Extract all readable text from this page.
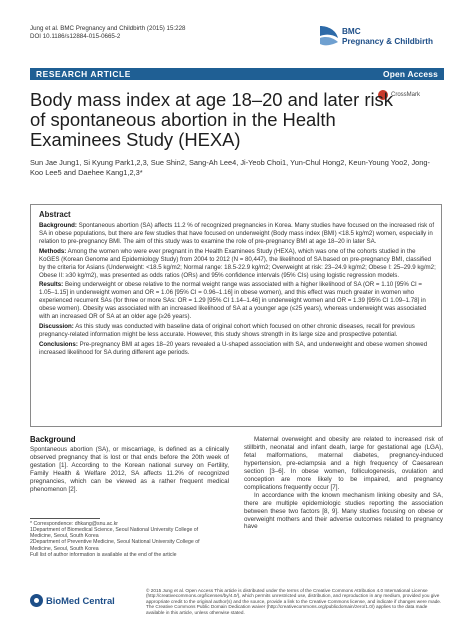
Jung et al. BMC Pregnancy and Childbirth (2015) 15:228
DOI 10.1186/s12884-015-0665-2
BMC
Pregnancy & Childbirth
RESEARCH ARTICLE	Open Access
CrossMark
Body mass index at age 18–20 and later risk of spontaneous abortion in the Health Examinees Study (HEXA)
Sun Jae Jung1, Si Kyung Park1,2,3, Sue Shin2, Sang-Ah Lee4, Ji-Yeob Choi1, Yun-Chul Hong2, Keun-Young Yoo2, Jong-Koo Lee5 and Daehee Kang1,2,3*
Abstract

Background: Spontaneous abortion (SA) affects 11.2 % of recognized pregnancies in Korea. Many studies have focused on the increased risk of SA in obese populations, but there are few studies that have focused on underweight (Body mass index (BMI) <18.5 kg/m2) women, especially in relation to pre-pregnancy BMI. The aim of this study was to examine the role of pre-pregnancy BMI at age 18–20 in later SA.

Methods: Among the women who were ever pregnant in the Health Examinees Study (HEXA), which was one of the cohorts studied in the KoGES (Korean Genome and Epidemiology Study) from 2004 to 2012 (N = 80,447), the likelihood of SA based on pre-pregnancy BMI, classified by the criteria for Asians (Underweight: <18.5 kg/m2; Normal range: 18.5-22.9 kg/m2; Overweight at risk: 23–24.9 kg/m2; Obese I: 25–29.9 kg/m2; Obese II: ≥30 kg/m2), was presented as odds ratios (ORs) and 95% confidence intervals (95% CIs) using logistic regression models.

Results: Being underweight or obese relative to the normal weight range was associated with a higher likelihood of SA (OR = 1.10 [95% CI = 1.05–1.15] in underweight women and OR = 1.06 [95% CI = 0.96–1.16] in obese women), and this effect was much greater in women who experienced recurrent SAs (for three or more SAs: OR = 1.29 [95% CI 1.14–1.46] in underweight women and OR = 1.39 [95% CI 1.09–1.78] in obese women). Obesity was associated with an increased likelihood of SA at a younger age (≤25 years), whereas underweight was associated with an increased OR of SA at an older age (≥26 years).

Discussion: As this study was conducted with baseline data of original cohort which focused on other chronic diseases, recall for previous pregnancy-related information might be less accurate. However, this study shows strength in its large size and prospective potential.

Conclusions: Pre-pregnancy BMI at ages 18–20 years revealed a U-shaped association with SA, and underweight and obese women showed increased likelihood for SA during different age periods.

Background
Spontaneous abortion (SA), or miscarriage, is defined as a clinically observed pregnancy that is lost or that ends before the 20th week of gestation [1]. According to the Korean national survey on Fertility, Family Health & Welfare 2012, SA affects 11.2% of recognized pregnancies, which can be viewed as a rather frequent medical phenomenon [2].
Maternal overweight and obesity are related to increased risk of stillbirth, neonatal and infant death, large for gestational age (LGA), fetal malformations, maternal diabetes, pregnancy-induced hypertension, pre-eclampsia and a high frequency of Caesarean section [3–6]. In obese women, folliculogenesis, ovulation and conception are more likely to be impaired, and pregnancy complications frequently occur [7].
In accordance with the known mechanism linking obesity and SA, there are multiple epidemiologic studies reporting the association between these two factors [8, 9]. Many studies focusing on obese or overweight mothers and their adverse outcomes related to pregnancy have
* Correspondence: dhkang@snu.ac.kr
1Department of Biomedical Science, Seoul National University College of
Medicine, Seoul, South Korea
2Department of Preventive Medicine, Seoul National University College of
Medicine, Seoul, South Korea
Full list of author information is available at the end of the article
BioMed Central
© 2015 Jung et al. Open Access This article is distributed under the terms of the Creative Commons Attribution 4.0 International License (http://creativecommons.org/licenses/by/4.0/), which permits unrestricted use, distribution, and reproduction in any medium, provided you give appropriate credit to the original author(s) and the source, provide a link to the Creative Commons license, and indicate if changes were made. The Creative Commons Public Domain Dedication waiver (http://creativecommons.org/publicdomain/zero/1.0/) applies to the data made available in this article, unless otherwise stated.
